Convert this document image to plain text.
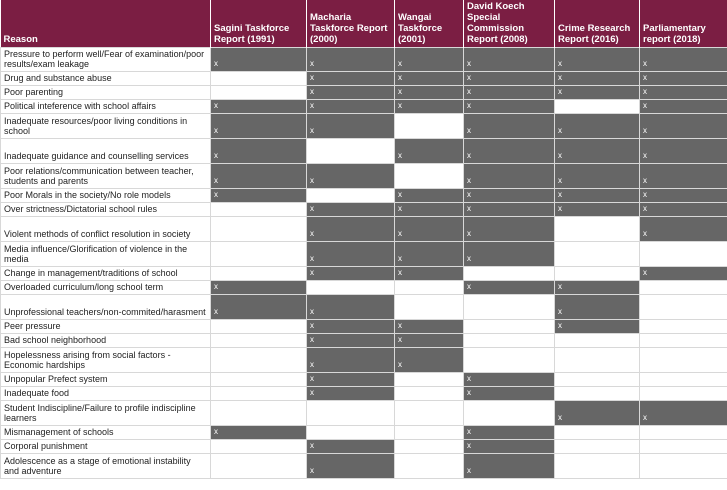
Reason	Sagini Taskforce Report (1991)	Macharia Taskforce Report (2000)	Wangai Taskforce (2001)	David Koech Special Commission Report (2008)	Crime Research Report (2016)	Parliamentary report (2018)
Pressure to perform well/Fear of examination/poor results/exam leakage	x	x	x	x	x	x
Drug and substance abuse		x	x	x	x	x
Poor parenting		x	x	x	x	x
Political inteference with school affairs	x	x	x	x		x
Inadequate resources/poor living conditions in school	x	x		x	x	x
Inadequate guidance and counselling services	x		x	x	x	x
Poor relations/communication between teacher, students and parents	x	x		x	x	x
Poor Morals in the society/No role models	x		x	x	x	x
Over strictness/Dictatorial school rules		x	x	x	x	x
Violent methods of conflict resolution in society		x	x	x		x
Media influence/Glorification of violence in the media		x	x	x		
Change in management/traditions of school		x	x			x
Overloaded curriculum/long school term	x			x	x	
Unprofessional teachers/non-commited/harasment	x	x			x	
Peer pressure		x	x		x	
Bad school neighborhood		x	x			
Hopelessness arising from social factors - Economic hardships		x	x			
Unpopular Prefect system		x		x		
Inadequate food		x		x		
Student Indiscipline/Failure to profile indiscipline learners					x	x
Mismanagement of schools	x			x		
Corporal punishment		x		x		
Adolescence as a stage of emotional instability and adventure		x		x		
